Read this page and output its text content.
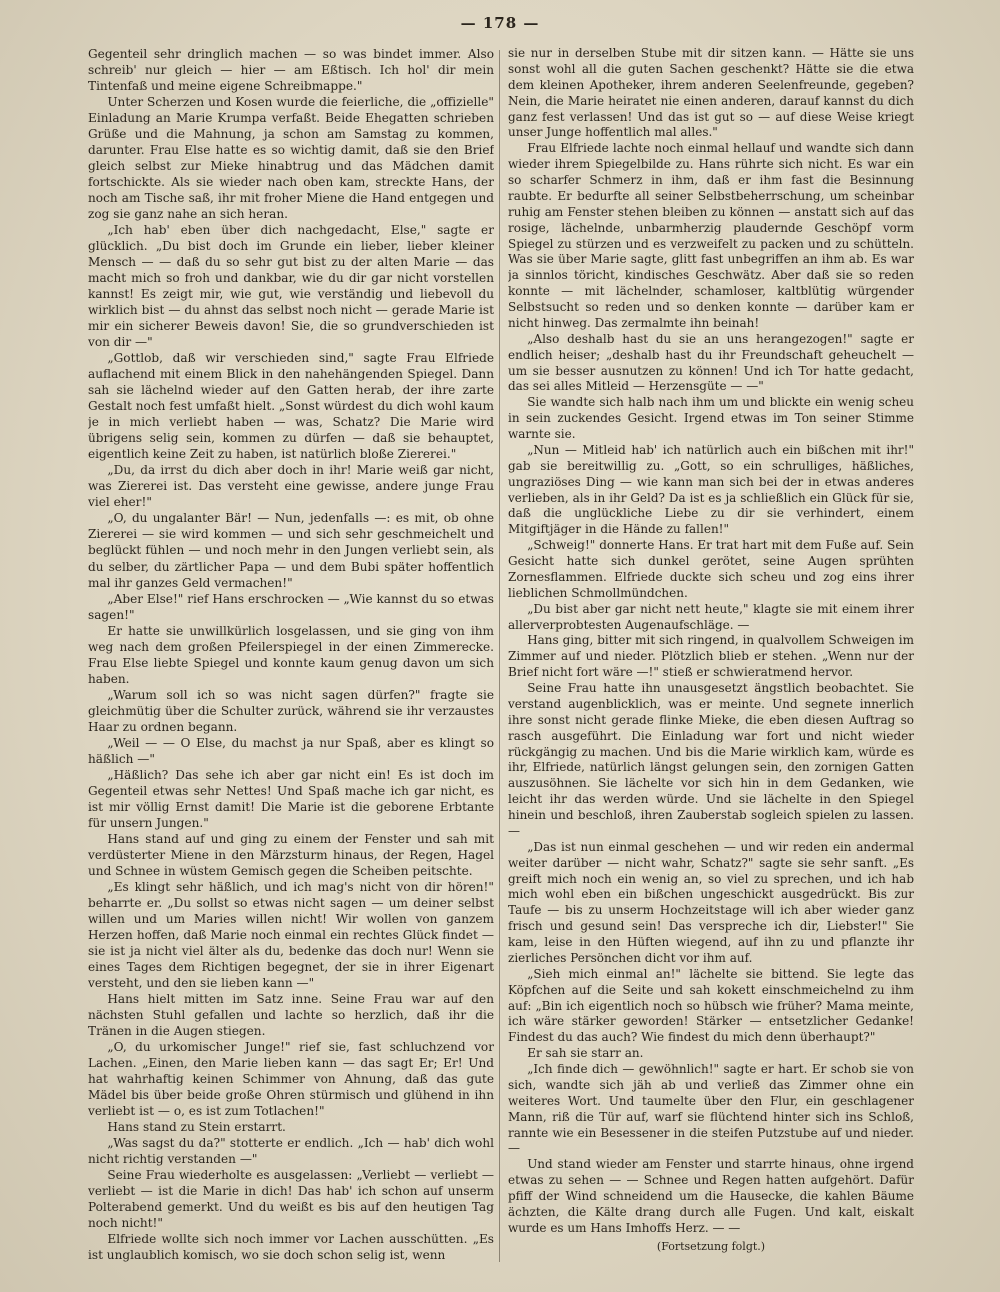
— 178 —

Gegenteil sehr dringlich machen — so was bindet immer. Also schreib' nur gleich — hier — am Eßtisch. Ich hol' dir mein Tintenfaß und meine eigene Schreibmappe."

Unter Scherzen und Kosen wurde die feierliche, die „offizielle" Einladung an Marie Krumpa verfaßt. Beide Ehegatten schrieben Grüße und die Mahnung, ja schon am Samstag zu kommen, darunter. Frau Else hatte es so wichtig damit, daß sie den Brief gleich selbst zur Mieke hinabtrug und das Mädchen damit fortschickte. Als sie wieder nach oben kam, streckte Hans, der noch am Tische saß, ihr mit froher Miene die Hand entgegen und zog sie ganz nahe an sich heran.

„Ich hab' eben über dich nachgedacht, Else," sagte er glücklich. „Du bist doch im Grunde ein lieber, lieber kleiner Mensch — — daß du so sehr gut bist zu der alten Marie — das macht mich so froh und dankbar, wie du dir gar nicht vorstellen kannst! Es zeigt mir, wie gut, wie verständig und liebevoll du wirklich bist — du ahnst das selbst noch nicht — gerade Marie ist mir ein sicherer Beweis davon! Sie, die so grundverschieden ist von dir —"

„Gottlob, daß wir verschieden sind," sagte Frau Elfriede auflachend mit einem Blick in den nahehängenden Spiegel. Dann sah sie lächelnd wieder auf den Gatten herab, der ihre zarte Gestalt noch fest umfaßt hielt. „Sonst würdest du dich wohl kaum je in mich verliebt haben — was, Schatz? Die Marie wird übrigens selig sein, kommen zu dürfen — daß sie behauptet, eigentlich keine Zeit zu haben, ist natürlich bloße Ziererei."

„Du, da irrst du dich aber doch in ihr! Marie weiß gar nicht, was Ziererei ist. Das versteht eine gewisse, andere junge Frau viel eher!"

„O, du ungalanter Bär! — Nun, jedenfalls —: es mit, ob ohne Ziererei — sie wird kommen — und sich sehr geschmeichelt und beglückt fühlen — und noch mehr in den Jungen verliebt sein, als du selber, du zärtlicher Papa — und dem Bubi später hoffentlich mal ihr ganzes Geld vermachen!"

„Aber Else!" rief Hans erschrocken — „Wie kannst du so etwas sagen!"

Er hatte sie unwillkürlich losgelassen, und sie ging von ihm weg nach dem großen Pfeilerspiegel in der einen Zimmerecke. Frau Else liebte Spiegel und konnte kaum genug davon um sich haben.

„Warum soll ich so was nicht sagen dürfen?" fragte sie gleichmütig über die Schulter zurück, während sie ihr verzaustes Haar zu ordnen begann.

„Weil — — O Else, du machst ja nur Spaß, aber es klingt so häßlich —"

„Häßlich? Das sehe ich aber gar nicht ein! Es ist doch im Gegenteil etwas sehr Nettes! Und Spaß mache ich gar nicht, es ist mir völlig Ernst damit! Die Marie ist die geborene Erbtante für unsern Jungen."

Hans stand auf und ging zu einem der Fenster und sah mit verdüsterter Miene in den Märzsturm hinaus, der Regen, Hagel und Schnee in wüstem Gemisch gegen die Scheiben peitschte.

„Es klingt sehr häßlich, und ich mag's nicht von dir hören!" beharrte er. „Du sollst so etwas nicht sagen — um deiner selbst willen und um Maries willen nicht! Wir wollen von ganzem Herzen hoffen, daß Marie noch einmal ein rechtes Glück findet — sie ist ja nicht viel älter als du, bedenke das doch nur! Wenn sie eines Tages dem Richtigen begegnet, der sie in ihrer Eigenart versteht, und den sie lieben kann —"

Hans hielt mitten im Satz inne. Seine Frau war auf den nächsten Stuhl gefallen und lachte so herzlich, daß ihr die Tränen in die Augen stiegen.

„O, du urkomischer Junge!" rief sie, fast schluchzend vor Lachen. „Einen, den Marie lieben kann — das sagt Er; Er! Und hat wahrhaftig keinen Schimmer von Ahnung, daß das gute Mädel bis über beide große Ohren stürmisch und glühend in ihn verliebt ist — o, es ist zum Totlachen!"

Hans stand zu Stein erstarrt.

„Was sagst du da?" stotterte er endlich. „Ich — hab' dich wohl nicht richtig verstanden —"

Seine Frau wiederholte es ausgelassen: „Verliebt — verliebt — verliebt — ist die Marie in dich! Das hab' ich schon auf unserm Polterabend gemerkt. Und du weißt es bis auf den heutigen Tag noch nicht!"

Elfriede wollte sich noch immer vor Lachen ausschütten. „Es ist unglaublich komisch, wo sie doch schon selig ist, wenn

sie nur in derselben Stube mit dir sitzen kann. — Hätte sie uns sonst wohl all die guten Sachen geschenkt? Hätte sie die etwa dem kleinen Apotheker, ihrem anderen Seelenfreunde, gegeben? Nein, die Marie heiratet nie einen anderen, darauf kannst du dich ganz fest verlassen! Und das ist gut so — auf diese Weise kriegt unser Junge hoffentlich mal alles."

Frau Elfriede lachte noch einmal hellauf und wandte sich dann wieder ihrem Spiegelbilde zu. Hans rührte sich nicht. Es war ein so scharfer Schmerz in ihm, daß er ihm fast die Besinnung raubte. Er bedurfte all seiner Selbstbeherrschung, um scheinbar ruhig am Fenster stehen bleiben zu können — anstatt sich auf das rosige, lächelnde, unbarmherzig plaudernde Geschöpf vorm Spiegel zu stürzen und es verzweifelt zu packen und zu schütteln. Was sie über Marie sagte, glitt fast unbegriffen an ihm ab. Es war ja sinnlos töricht, kindisches Geschwätz. Aber daß sie so reden konnte — mit lächelnder, schamloser, kaltblütig würgender Selbstsucht so reden und so denken konnte — darüber kam er nicht hinweg. Das zermalmte ihn beinah!

„Also deshalb hast du sie an uns herangezogen!" sagte er endlich heiser; „deshalb hast du ihr Freundschaft geheuchelt — um sie besser ausnutzen zu können! Und ich Tor hatte gedacht, das sei alles Mitleid — Herzensgüte — —"

Sie wandte sich halb nach ihm um und blickte ein wenig scheu in sein zuckendes Gesicht. Irgend etwas im Ton seiner Stimme warnte sie.

„Nun — Mitleid hab' ich natürlich auch ein bißchen mit ihr!" gab sie bereitwillig zu. „Gott, so ein schrulliges, häßliches, ungraziöses Ding — wie kann man sich bei der in etwas anderes verlieben, als in ihr Geld? Da ist es ja schließlich ein Glück für sie, daß die unglückliche Liebe zu dir sie verhindert, einem Mitgiftjäger in die Hände zu fallen!"

„Schweig!" donnerte Hans. Er trat hart mit dem Fuße auf. Sein Gesicht hatte sich dunkel gerötet, seine Augen sprühten Zornesflammen. Elfriede duckte sich scheu und zog eins ihrer lieblichen Schmollmündchen.

„Du bist aber gar nicht nett heute," klagte sie mit einem ihrer allerverprobtesten Augenaufschläge. —

Hans ging, bitter mit sich ringend, in qualvollem Schweigen im Zimmer auf und nieder. Plötzlich blieb er stehen. „Wenn nur der Brief nicht fort wäre —!" stieß er schwieratmend hervor.

Seine Frau hatte ihn unausgesetzt ängstlich beobachtet. Sie verstand augenblicklich, was er meinte. Und segnete innerlich ihre sonst nicht gerade flinke Mieke, die eben diesen Auftrag so rasch ausgeführt. Die Einladung war fort und nicht wieder rückgängig zu machen. Und bis die Marie wirklich kam, würde es ihr, Elfriede, natürlich längst gelungen sein, den zornigen Gatten auszusöhnen. Sie lächelte vor sich hin in dem Gedanken, wie leicht ihr das werden würde. Und sie lächelte in den Spiegel hinein und beschloß, ihren Zauberstab sogleich spielen zu lassen. —

„Das ist nun einmal geschehen — und wir reden ein andermal weiter darüber — nicht wahr, Schatz?" sagte sie sehr sanft. „Es greift mich noch ein wenig an, so viel zu sprechen, und ich hab mich wohl eben ein bißchen ungeschickt ausgedrückt. Bis zur Taufe — bis zu unserm Hochzeitstage will ich aber wieder ganz frisch und gesund sein! Das verspreche ich dir, Liebster!" Sie kam, leise in den Hüften wiegend, auf ihn zu und pflanzte ihr zierliches Persönchen dicht vor ihm auf.

„Sieh mich einmal an!" lächelte sie bittend. Sie legte das Köpfchen auf die Seite und sah kokett einschmeichelnd zu ihm auf: „Bin ich eigentlich noch so hübsch wie früher? Mama meinte, ich wäre stärker geworden! Stärker — entsetzlicher Gedanke! Findest du das auch? Wie findest du mich denn überhaupt?"

Er sah sie starr an.

„Ich finde dich — gewöhnlich!" sagte er hart. Er schob sie von sich, wandte sich jäh ab und verließ das Zimmer ohne ein weiteres Wort. Und taumelte über den Flur, ein geschlagener Mann, riß die Tür auf, warf sie flüchtend hinter sich ins Schloß, rannte wie ein Besessener in die steifen Putzstube auf und nieder. —

Und stand wieder am Fenster und starrte hinaus, ohne irgend etwas zu sehen — — Schnee und Regen hatten aufgehört. Dafür pfiff der Wind schneidend um die Hausecke, die kahlen Bäume ächzten, die Kälte drang durch alle Fugen. Und kalt, eiskalt wurde es um Hans Imhoffs Herz. — —

(Fortsetzung folgt.)
